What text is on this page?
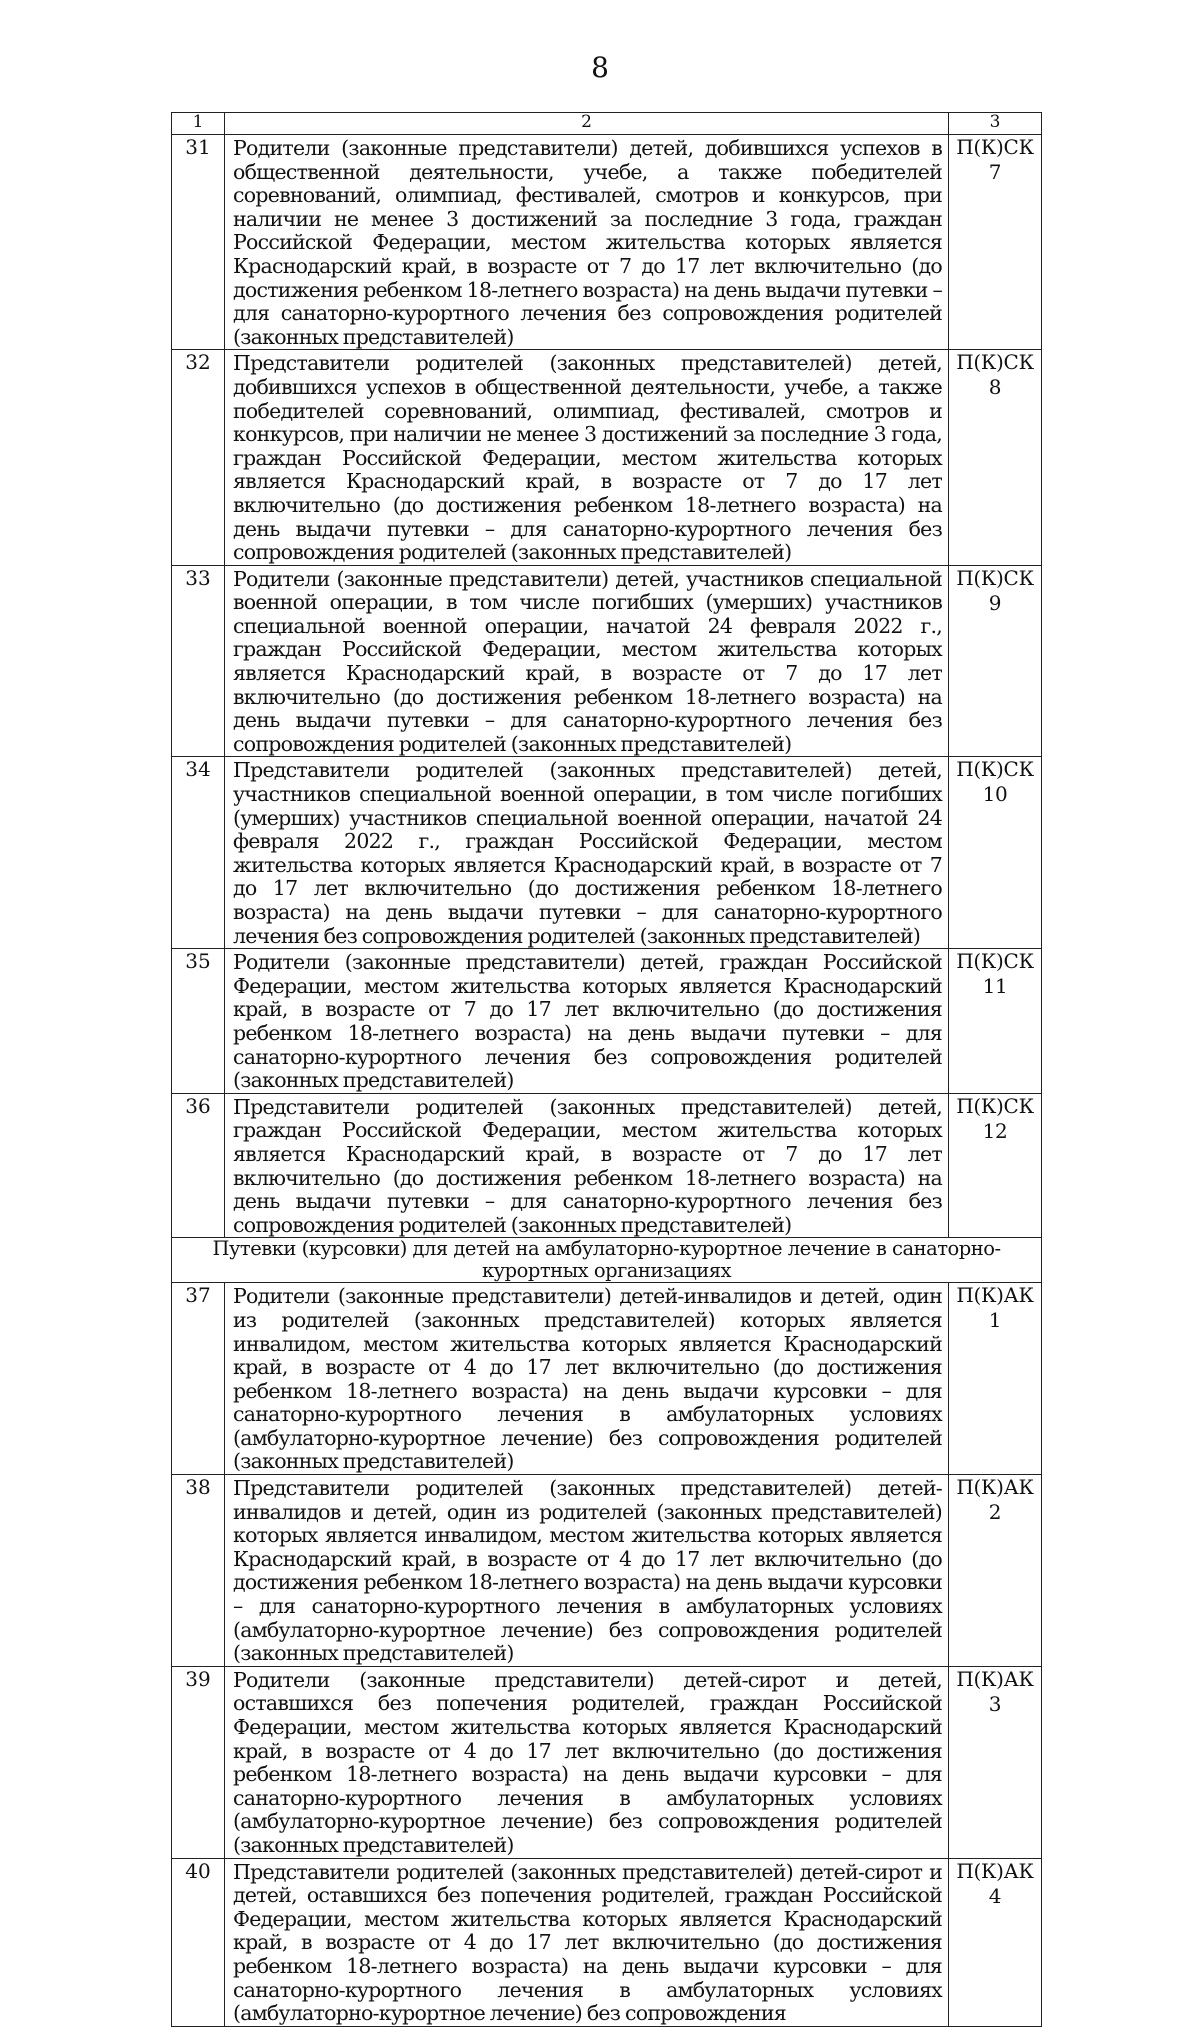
8
1	2	3
31	Родители (законные представители) детей, добившихся успехов в общественной деятельности, учебе, а также победителей соревнований, олимпиад, фестивалей, смотров и конкурсов, при наличии не менее 3 достижений за последние 3 года, граждан Российской Федерации, местом жительства которых является Краснодарский край, в возрасте от 7 до 17 лет включительно (до достижения ребенком 18-летнего возраста) на день выдачи путевки – для санаторно-курортного лечения без сопровождения родителей (законных представителей)	П(К)СК 7
32	Представители родителей (законных представителей) детей, добившихся успехов в общественной деятельности, учебе, а также победителей соревнований, олимпиад, фестивалей, смотров и конкурсов, при наличии не менее 3 достижений за последние 3 года, граждан Российской Федерации, местом жительства которых является Краснодарский край, в возрасте от 7 до 17 лет включительно (до достижения ребенком 18-летнего возраста) на день выдачи путевки – для санаторно-курортного лечения без сопровождения родителей (законных представителей)	П(К)СК 8
33	Родители (законные представители) детей, участников специальной военной операции, в том числе погибших (умерших) участников специальной военной операции, начатой 24 февраля 2022 г., граждан Российской Федерации, местом жительства которых является Краснодарский край, в возрасте от 7 до 17 лет включительно (до достижения ребенком 18-летнего возраста) на день выдачи путевки – для санаторно-курортного лечения без сопровождения родителей (законных представителей)	П(К)СК 9
34	Представители родителей (законных представителей) детей, участников специальной военной операции, в том числе погибших (умерших) участников специальной военной операции, начатой 24 февраля 2022 г., граждан Российской Федерации, местом жительства которых является Краснодарский край, в возрасте от 7 до 17 лет включительно (до достижения ребенком 18-летнего возраста) на день выдачи путевки – для санаторно-курортного лечения без сопровождения родителей (законных представителей)	П(К)СК 10
35	Родители (законные представители) детей, граждан Российской Федерации, местом жительства которых является Краснодарский край, в возрасте от 7 до 17 лет включительно (до достижения ребенком 18-летнего возраста) на день выдачи путевки – для санаторно-курортного лечения без сопровождения родителей (законных представителей)	П(К)СК 11
36	Представители родителей (законных представителей) детей, граждан Российской Федерации, местом жительства которых является Краснодарский край, в возрасте от 7 до 17 лет включительно (до достижения ребенком 18-летнего возраста) на день выдачи путевки – для санаторно-курортного лечения без сопровождения родителей (законных представителей)	П(К)СК 12
Путевки (курсовки) для детей на амбулаторно-курортное лечение в санаторно-курортных организациях		
37	Родители (законные представители) детей-инвалидов и детей, один из родителей (законных представителей) которых является инвалидом, местом жительства которых является Краснодарский край, в возрасте от 4 до 17 лет включительно (до достижения ребенком 18-летнего возраста) на день выдачи курсовки – для санаторно-курортного лечения в амбулаторных условиях (амбулаторно-курортное лечение) без сопровождения родителей (законных представителей)	П(К)АК 1
38	Представители родителей (законных представителей) детей-инвалидов и детей, один из родителей (законных представителей) которых является инвалидом, местом жительства которых является Краснодарский край, в возрасте от 4 до 17 лет включительно (до достижения ребенком 18-летнего возраста) на день выдачи курсовки – для санаторно-курортного лечения в амбулаторных условиях (амбулаторно-курортное лечение) без сопровождения родителей (законных представителей)	П(К)АК 2
39	Родители (законные представители) детей-сирот и детей, оставшихся без попечения родителей, граждан Российской Федерации, местом жительства которых является Краснодарский край, в возрасте от 4 до 17 лет включительно (до достижения ребенком 18-летнего возраста) на день выдачи курсовки – для санаторно-курортного лечения в амбулаторных условиях (амбулаторно-курортное лечение) без сопровождения родителей (законных представителей)	П(К)АК 3
40	Представители родителей (законных представителей) детей-сирот и детей, оставшихся без попечения родителей, граждан Российской Федерации, местом жительства которых является Краснодарский край, в возрасте от 4 до 17 лет включительно (до достижения ребенком 18-летнего возраста) на день выдачи курсовки – для санаторно-курортного лечения в амбулаторных условиях (амбулаторно-курортное лечение) без сопровождения	П(К)АК 4
